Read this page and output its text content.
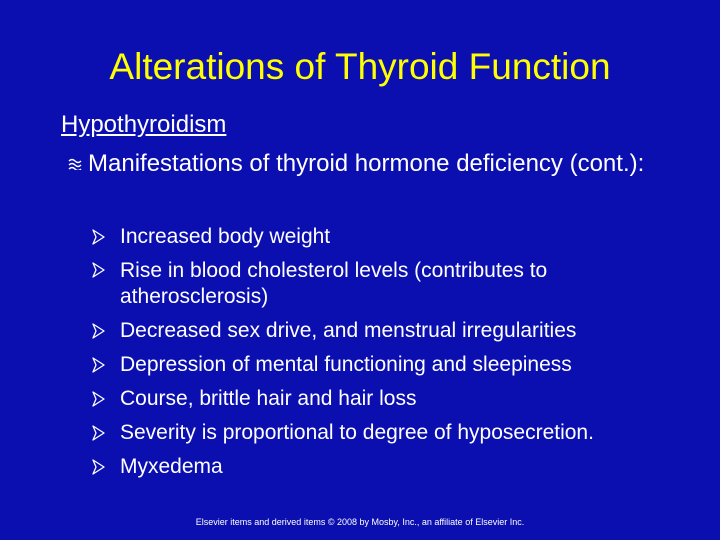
Alterations of Thyroid Function
Hypothyroidism
Manifestations of thyroid hormone deficiency (cont.):
Increased body weight
Rise in blood cholesterol levels (contributes to atherosclerosis)
Decreased sex drive, and menstrual irregularities
Depression of mental functioning and sleepiness
Course, brittle hair and hair loss
Severity is proportional to degree of hyposecretion.
Myxedema
Elsevier items and derived items © 2008 by Mosby, Inc., an affiliate of Elsevier Inc.
